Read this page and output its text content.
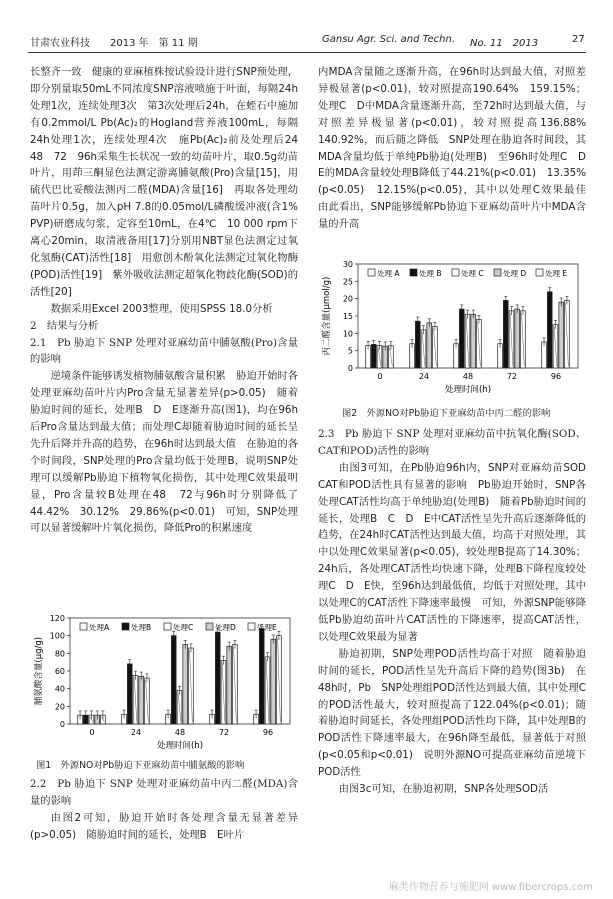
甘肃农业科技 2013 年　第 11 期	Gansu Agr. Sci. and Techn. No. 11　2013	27

长整齐一致　健康的亚麻植株按试验设计进行SNP预处理，即分别量取50mL不同浓度SNP溶液喷施于叶面，每隔24h处理1次，连续处理3次　第3次处理后24h，在蛭石中施加有0.2mmol/L Pb(Ac)₂的Hogland营养液100mL，每隔24h处理1次，连续处理4次　施Pb(Ac)₂前及处理后24　48　72　96h采集生长状况一致的幼苗叶片，取0.5g幼苗叶片，用茚三酮显色法测定游离脯氨酸(Pro)含量[15]，用硫代巴比妥酸法测丙二醛(MDA)含量[16]　再取各处理幼苗叶片0.5g，加入pH 7.8的0.05mol/L磷酸缓冲液(含1% PVP)研磨成匀浆，定容至10mL，在4℃　10 000 rpm下离心20min，取清液备用[17]分别用NBT显色法测定过氧化氢酶(CAT)活性[18]　用愈创木酚氧化法测定过氧化物酶(POD)活性[19]　紫外吸收法测定超氧化物歧化酶(SOD)的活性[20]

数据采用Excel 2003整理，使用SPSS 18.0分析

2　结果与分析

2.1　Pb 胁迫下 SNP 处理对亚麻幼苗中脯氨酸(Pro)含量的影响

逆境条件能够诱发植物脯氨酸含量积累　胁迫开始时各处理亚麻幼苗叶片内Pro含量无显著差异(p>0.05)　随着胁迫时间的延长，处理B　D　E逐渐升高(图1)，均在96h后Pro含量达到最大值；而处理C却随着胁迫时间的延长呈先升后降并升高的趋势，在96h时达到最大值　在胁迫的各个时间段，SNP处理的Pro含量均低于处理B，说明SNP处理可以缓解Pb胁迫下植物氧化损伤，其中处理C效果最明显，Pro含量较B处理在48　72与96h时分别降低了44.42%　30.12%　29.86%(p<0.01)　可知，SNP处理可以显著缓解叶片氧化损伤，降低Pro的积累速度

0
20
40
60
80
100
120
0	24	48	72	96
处理A	处理B	处理C	处理D	处理E
处理时间(h)
脯氨酸含量(μg/g)
图1　外源NO对Pb胁迫下亚麻幼苗中脯氨酸的影响

2.2　Pb 胁迫下 SNP 处理对亚麻幼苗中丙二醛(MDA)含量的影响

由图2可知，胁迫开始时各处理含量无显著差异(p>0.05)　随胁迫时间的延长，处理B　E叶片

内MDA含量随之逐渐升高，在96h时达到最大值，对照差异极显著(p<0.01)，较对照提高190.64%　159.15%；处理C　D中MDA含量逐渐升高，至72h时达到最大值，与对照差异极显著(p<0.01)，较对照提高136.88%　140.92%，而后随之降低　SNP处理在胁迫各时间段，其MDA含量均低于单纯Pb胁迫(处理B)　至96h时处理C　D　E的MDA含量较处理B降低了44.21%(p<0.01)　13.35%(p<0.05)　12.15%(p<0.05)，其中以处理C效果最佳　由此看出，SNP能够缓解Pb协迫下亚麻幼苗叶片中MDA含量的升高

0
5
10
15
20
25
30
0	24	48	72	96
处理 A	处理 B	处理 C	处理 D	处理 E
处理时间(h)
丙二醛含量(μmol/g)
图2　外源NO对Pb胁迫下亚麻幼苗中丙二醛的影响

2.3　Pb 胁迫下 SNP 处理对亚麻幼苗中抗氧化酶(SOD、CAT和POD)活性的影响

由图3可知，在Pb胁迫96h内，SNP对亚麻幼苗SOD　CAT和POD活性具有显著的影响　Pb胁迫开始时，SNP各处理CAT活性均高于单纯胁迫(处理B)　随着Pb胁迫时间的延长，处理B　C　D　E中CAT活性呈先升高后逐渐降低的趋势，在24h时CAT活性达到最大值，均高于对照处理，其中以处理C效果显著(p<0.05)，较处理B提高了14.30%；24h后，各处理CAT活性均快速下降，处理B下降程度较处理C　D　E快，至96h达到最低值，均低于对照处理，其中以处理C的CAT活性下降速率最慢　可知，外源SNP能够降低Pb胁迫幼苗叶片CAT活性的下降速率，提高CAT活性，以处理C效果最为显著

胁迫初期，SNP处理POD活性均高于对照　随着胁迫时间的延长，POD活性呈先升高后下降的趋势(图3b)　在48h时，Pb　SNP处理组POD活性达到最大值，其中处理C的POD活性最大，较对照提高了122.04%(p<0.01)；随着胁迫时间延长，各处理组POD活性均下降，其中处理B的POD活性下降速率最大，在96h降至最低，显著低于对照(p<0.05和p<0.01)　说明外源NO可提高亚麻幼苗逆境下POD活性

由图3c可知，在胁迫初期，SNP各处理SOD活

麻类作物营养与施肥网 www.fibercrops.com
